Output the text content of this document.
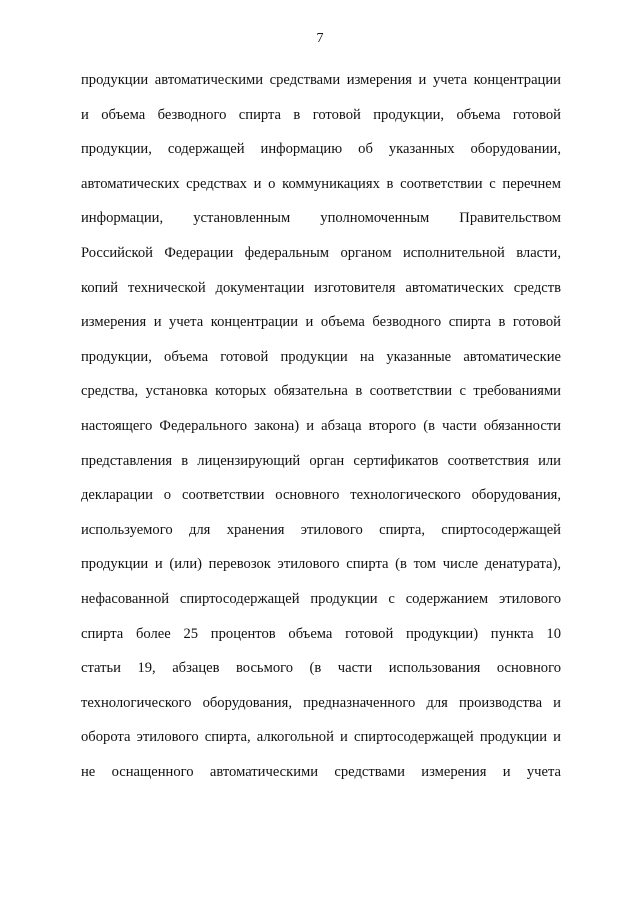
7
продукции автоматическими средствами измерения и учета концентрации
и объема безводного спирта в готовой продукции, объема готовой
продукции, содержащей информацию об указанных оборудовании,
автоматических средствах и о коммуникациях в соответствии с перечнем
информации, установленным уполномоченным Правительством
Российской Федерации федеральным органом исполнительной власти,
копий технической документации изготовителя автоматических средств
измерения и учета концентрации и объема безводного спирта в готовой
продукции, объема готовой продукции на указанные автоматические
средства, установка которых обязательна в соответствии с требованиями
настоящего Федерального закона) и абзаца второго (в части обязанности
представления в лицензирующий орган сертификатов соответствия или
декларации о соответствии основного технологического оборудования,
используемого для хранения этилового спирта, спиртосодержащей
продукции и (или) перевозок этилового спирта (в том числе денатурата),
нефасованной спиртосодержащей продукции с содержанием этилового
спирта более 25 процентов объема готовой продукции) пункта 10
статьи 19, абзацев восьмого (в части использования основного
технологического оборудования, предназначенного для производства и
оборота этилового спирта, алкогольной и спиртосодержащей продукции и
не оснащенного автоматическими средствами измерения и учета
